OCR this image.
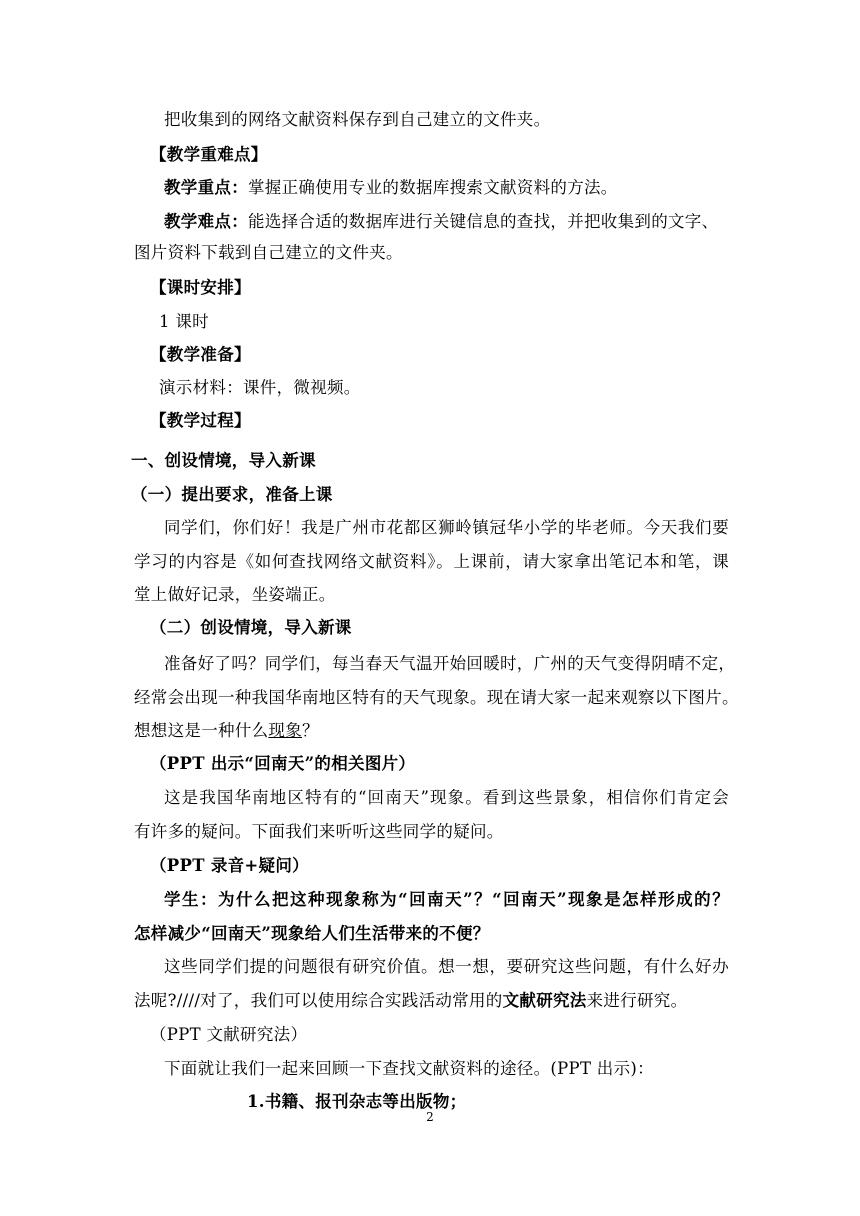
把收集到的网络文献资料保存到自己建立的文件夹。
【教学重难点】
教学重点：掌握正确使用专业的数据库搜索文献资料的方法。
教学难点：能选择合适的数据库进行关键信息的查找，并把收集到的文字、
图片资料下载到自己建立的文件夹。
【课时安排】
1 课时
【教学准备】
演示材料：课件，微视频。
【教学过程】
一、创设情境，导入新课
（一）提出要求，准备上课
同学们，你们好！我是广州市花都区狮岭镇冠华小学的毕老师。今天我们要
学习的内容是《如何查找网络文献资料》。上课前，请大家拿出笔记本和笔，课
堂上做好记录，坐姿端正。
（二）创设情境，导入新课
准备好了吗？同学们，每当春天气温开始回暖时，广州的天气变得阴晴不定，
经常会出现一种我国华南地区特有的天气现象。现在请大家一起来观察以下图片。
想想这是一种什么现象？
（PPT 出示“回南天”的相关图片）
这是我国华南地区特有的“回南天”现象。看到这些景象，相信你们肯定会
有许多的疑问。下面我们来听听这些同学的疑问。
（PPT 录音+疑问）
学生：为什么把这种现象称为“回南天”？“回南天”现象是怎样形成的？
怎样减少“回南天”现象给人们生活带来的不便？
这些同学们提的问题很有研究价值。想一想，要研究这些问题，有什么好办
法呢?////对了，我们可以使用综合实践活动常用的文献研究法来进行研究。
（PPT 文献研究法）
下面就让我们一起来回顾一下查找文献资料的途径。(PPT 出示)：
1.书籍、报刊杂志等出版物；
2
